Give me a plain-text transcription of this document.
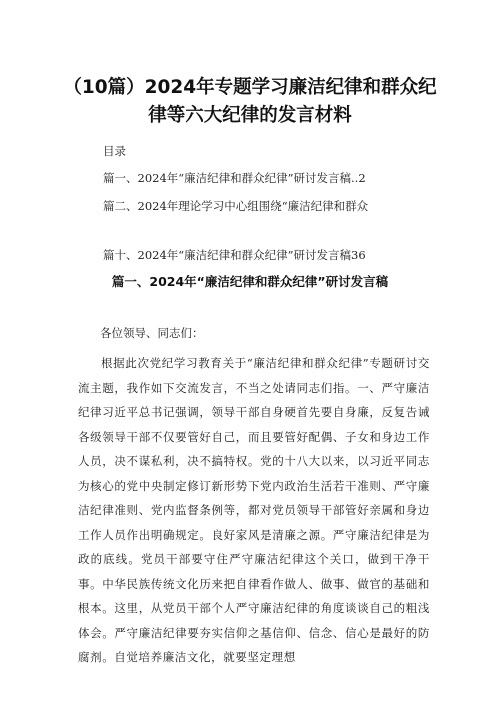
（10篇）2024年专题学习廉洁纪律和群众纪律等六大纪律的发言材料
目录
篇一、2024年“廉洁纪律和群众纪律”研讨发言稿..2
篇二、2024年理论学习中心组围绕“廉洁纪律和群众
篇十、2024年“廉洁纪律和群众纪律”研讨发言稿36
篇一、2024年“廉洁纪律和群众纪律”研讨发言稿
各位领导、同志们：

根据此次党纪学习教育关于“廉洁纪律和群众纪律”专题研讨交流主题，我作如下交流发言，不当之处请同志们指。一、严守廉洁纪律习近平总书记强调，领导干部自身硬首先要自身廉，反复告诫各级领导干部不仅要管好自己，而且要管好配偶、子女和身边工作人员，决不谋私利，决不搞特权。党的十八大以来，以习近平同志为核心的党中央制定修订新形势下党内政治生活若干准则、严守廉洁纪律准则、党内监督条例等，都对党员领导干部管好亲属和身边工作人员作出明确规定。良好家风是清廉之源。严守廉洁纪律是为政的底线。党员干部要守住严守廉洁纪律这个关口，做到干净干事。中华民族传统文化历来把自律看作做人、做事、做官的基础和根本。这里，从党员干部个人严守廉洁纪律的角度谈谈自己的粗浅体会。严守廉洁纪律要夯实信仰之基信仰、信念、信心是最好的防腐剂。自觉培养廉洁文化，就要坚定理想
